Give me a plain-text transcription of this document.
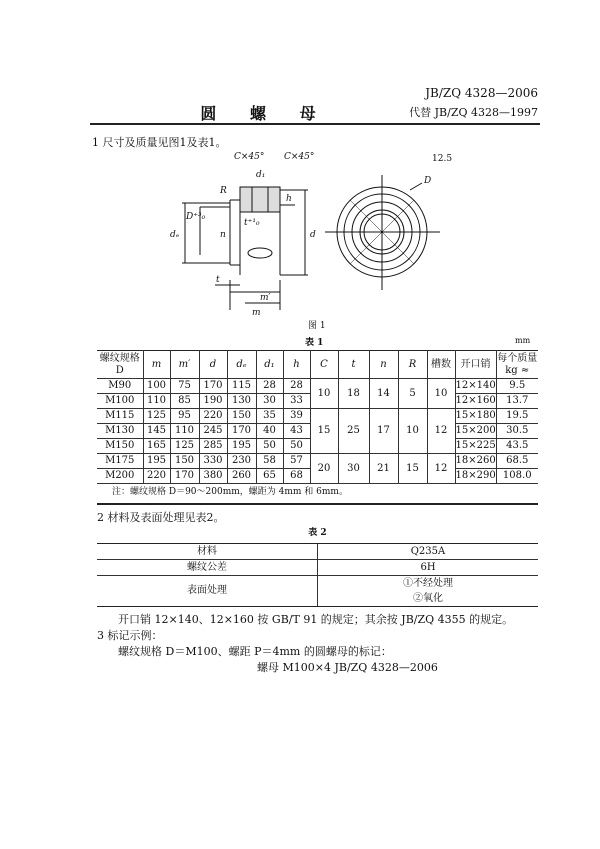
JB/ZQ 4328—2006
代替 JB/ZQ 4328—1997
圆 螺 母
1 尺寸及质量见图1及表1。
C×45° C×45°
d₁
R
h
dₑ
D⁺³₀
n
t⁺¹₀
d
t
m′
m
12.5
D
图 1
表 1	mm
螺纹规格 D	m	m′	d	dₑ	d₁	h	C	t	n	R	槽数	开口销	每个质量 kg ≈
M90	100	75	170	115	28	28	10	18	14	5	10	12×140	9.5
M100	110	85	190	130	30	33						12×160	13.7
M115	125	95	220	150	35	39	15	25	17	10	12	15×180	19.5
M130	145	110	245	170	40	43						15×200	30.5
M150	165	125	285	195	50	50						15×225	43.5
M175	195	150	330	230	58	57	20	30	21	15	12	18×260	68.5
M200	220	170	380	260	65	68						18×290	108.0
注：螺纹规格 D＝90～200mm，螺距为 4mm 和 6mm。
2 材料及表面处理见表2。
表 2
材料	Q235A
螺纹公差	6H
表面处理	①不经处理
②氧化
开口销 12×140、12×160 按 GB/T 91 的规定；其余按 JB/ZQ 4355 的规定。
3 标记示例：
螺纹规格 D＝M100、螺距 P＝4mm 的圆螺母的标记：
螺母 M100×4 JB/ZQ 4328—2006
